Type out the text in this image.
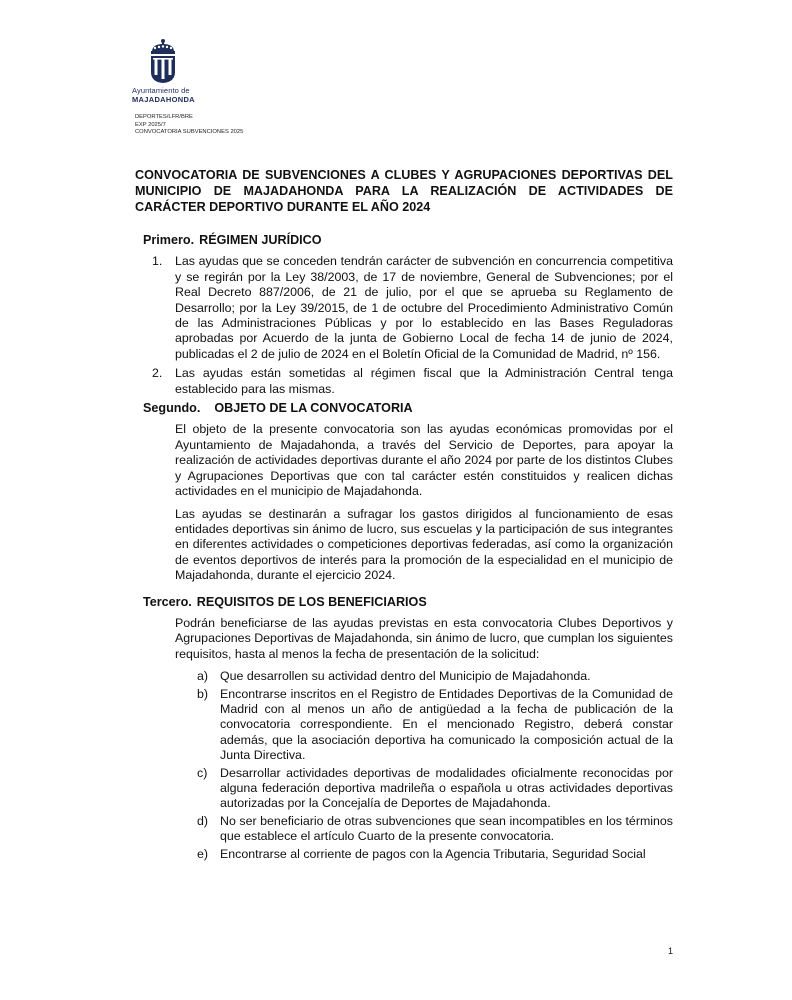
Ayuntamiento de
MAJADAHONDA
DEPORTES/LFR/BRE
EXP 2025/7
CONVOCATORIA SUBVENCIONES 2025
CONVOCATORIA DE SUBVENCIONES A CLUBES Y AGRUPACIONES DEPORTIVAS DEL MUNICIPIO DE MAJADAHONDA PARA LA REALIZACIÓN DE ACTIVIDADES DE CARÁCTER DEPORTIVO DURANTE EL AÑO 2024
Primero. RÉGIMEN JURÍDICO
1. Las ayudas que se conceden tendrán carácter de subvención en concurrencia competitiva y se regirán por la Ley 38/2003, de 17 de noviembre, General de Subvenciones; por el Real Decreto 887/2006, de 21 de julio, por el que se aprueba su Reglamento de Desarrollo; por la Ley 39/2015, de 1 de octubre del Procedimiento Administrativo Común de las Administraciones Públicas y por lo establecido en las Bases Reguladoras aprobadas por Acuerdo de la junta de Gobierno Local de fecha 14 de junio de 2024, publicadas el 2 de julio de 2024 en el Boletín Oficial de la Comunidad de Madrid, nº 156.
2. Las ayudas están sometidas al régimen fiscal que la Administración Central tenga establecido para las mismas.
Segundo. OBJETO DE LA CONVOCATORIA

El objeto de la presente convocatoria son las ayudas económicas promovidas por el Ayuntamiento de Majadahonda, a través del Servicio de Deportes, para apoyar la realización de actividades deportivas durante el año 2024 por parte de los distintos Clubes y Agrupaciones Deportivas que con tal carácter estén constituidos y realicen dichas actividades en el municipio de Majadahonda.

Las ayudas se destinarán a sufragar los gastos dirigidos al funcionamiento de esas entidades deportivas sin ánimo de lucro, sus escuelas y la participación de sus integrantes en diferentes actividades o competiciones deportivas federadas, así como la organización de eventos deportivos de interés para la promoción de la especialidad en el municipio de Majadahonda, durante el ejercicio 2024.

Tercero. REQUISITOS DE LOS BENEFICIARIOS

Podrán beneficiarse de las ayudas previstas en esta convocatoria Clubes Deportivos y Agrupaciones Deportivas de Majadahonda, sin ánimo de lucro, que cumplan los siguientes requisitos, hasta al menos la fecha de presentación de la solicitud:

a) Que desarrollen su actividad dentro del Municipio de Majadahonda.
b) Encontrarse inscritos en el Registro de Entidades Deportivas de la Comunidad de Madrid con al menos un año de antigüedad a la fecha de publicación de la convocatoria correspondiente. En el mencionado Registro, deberá constar además, que la asociación deportiva ha comunicado la composición actual de la Junta Directiva.
c) Desarrollar actividades deportivas de modalidades oficialmente reconocidas por alguna federación deportiva madrileña o española u otras actividades deportivas autorizadas por la Concejalía de Deportes de Majadahonda.
d) No ser beneficiario de otras subvenciones que sean incompatibles en los términos que establece el artículo Cuarto de la presente convocatoria.
e) Encontrarse al corriente de pagos con la Agencia Tributaria, Seguridad Social
1
